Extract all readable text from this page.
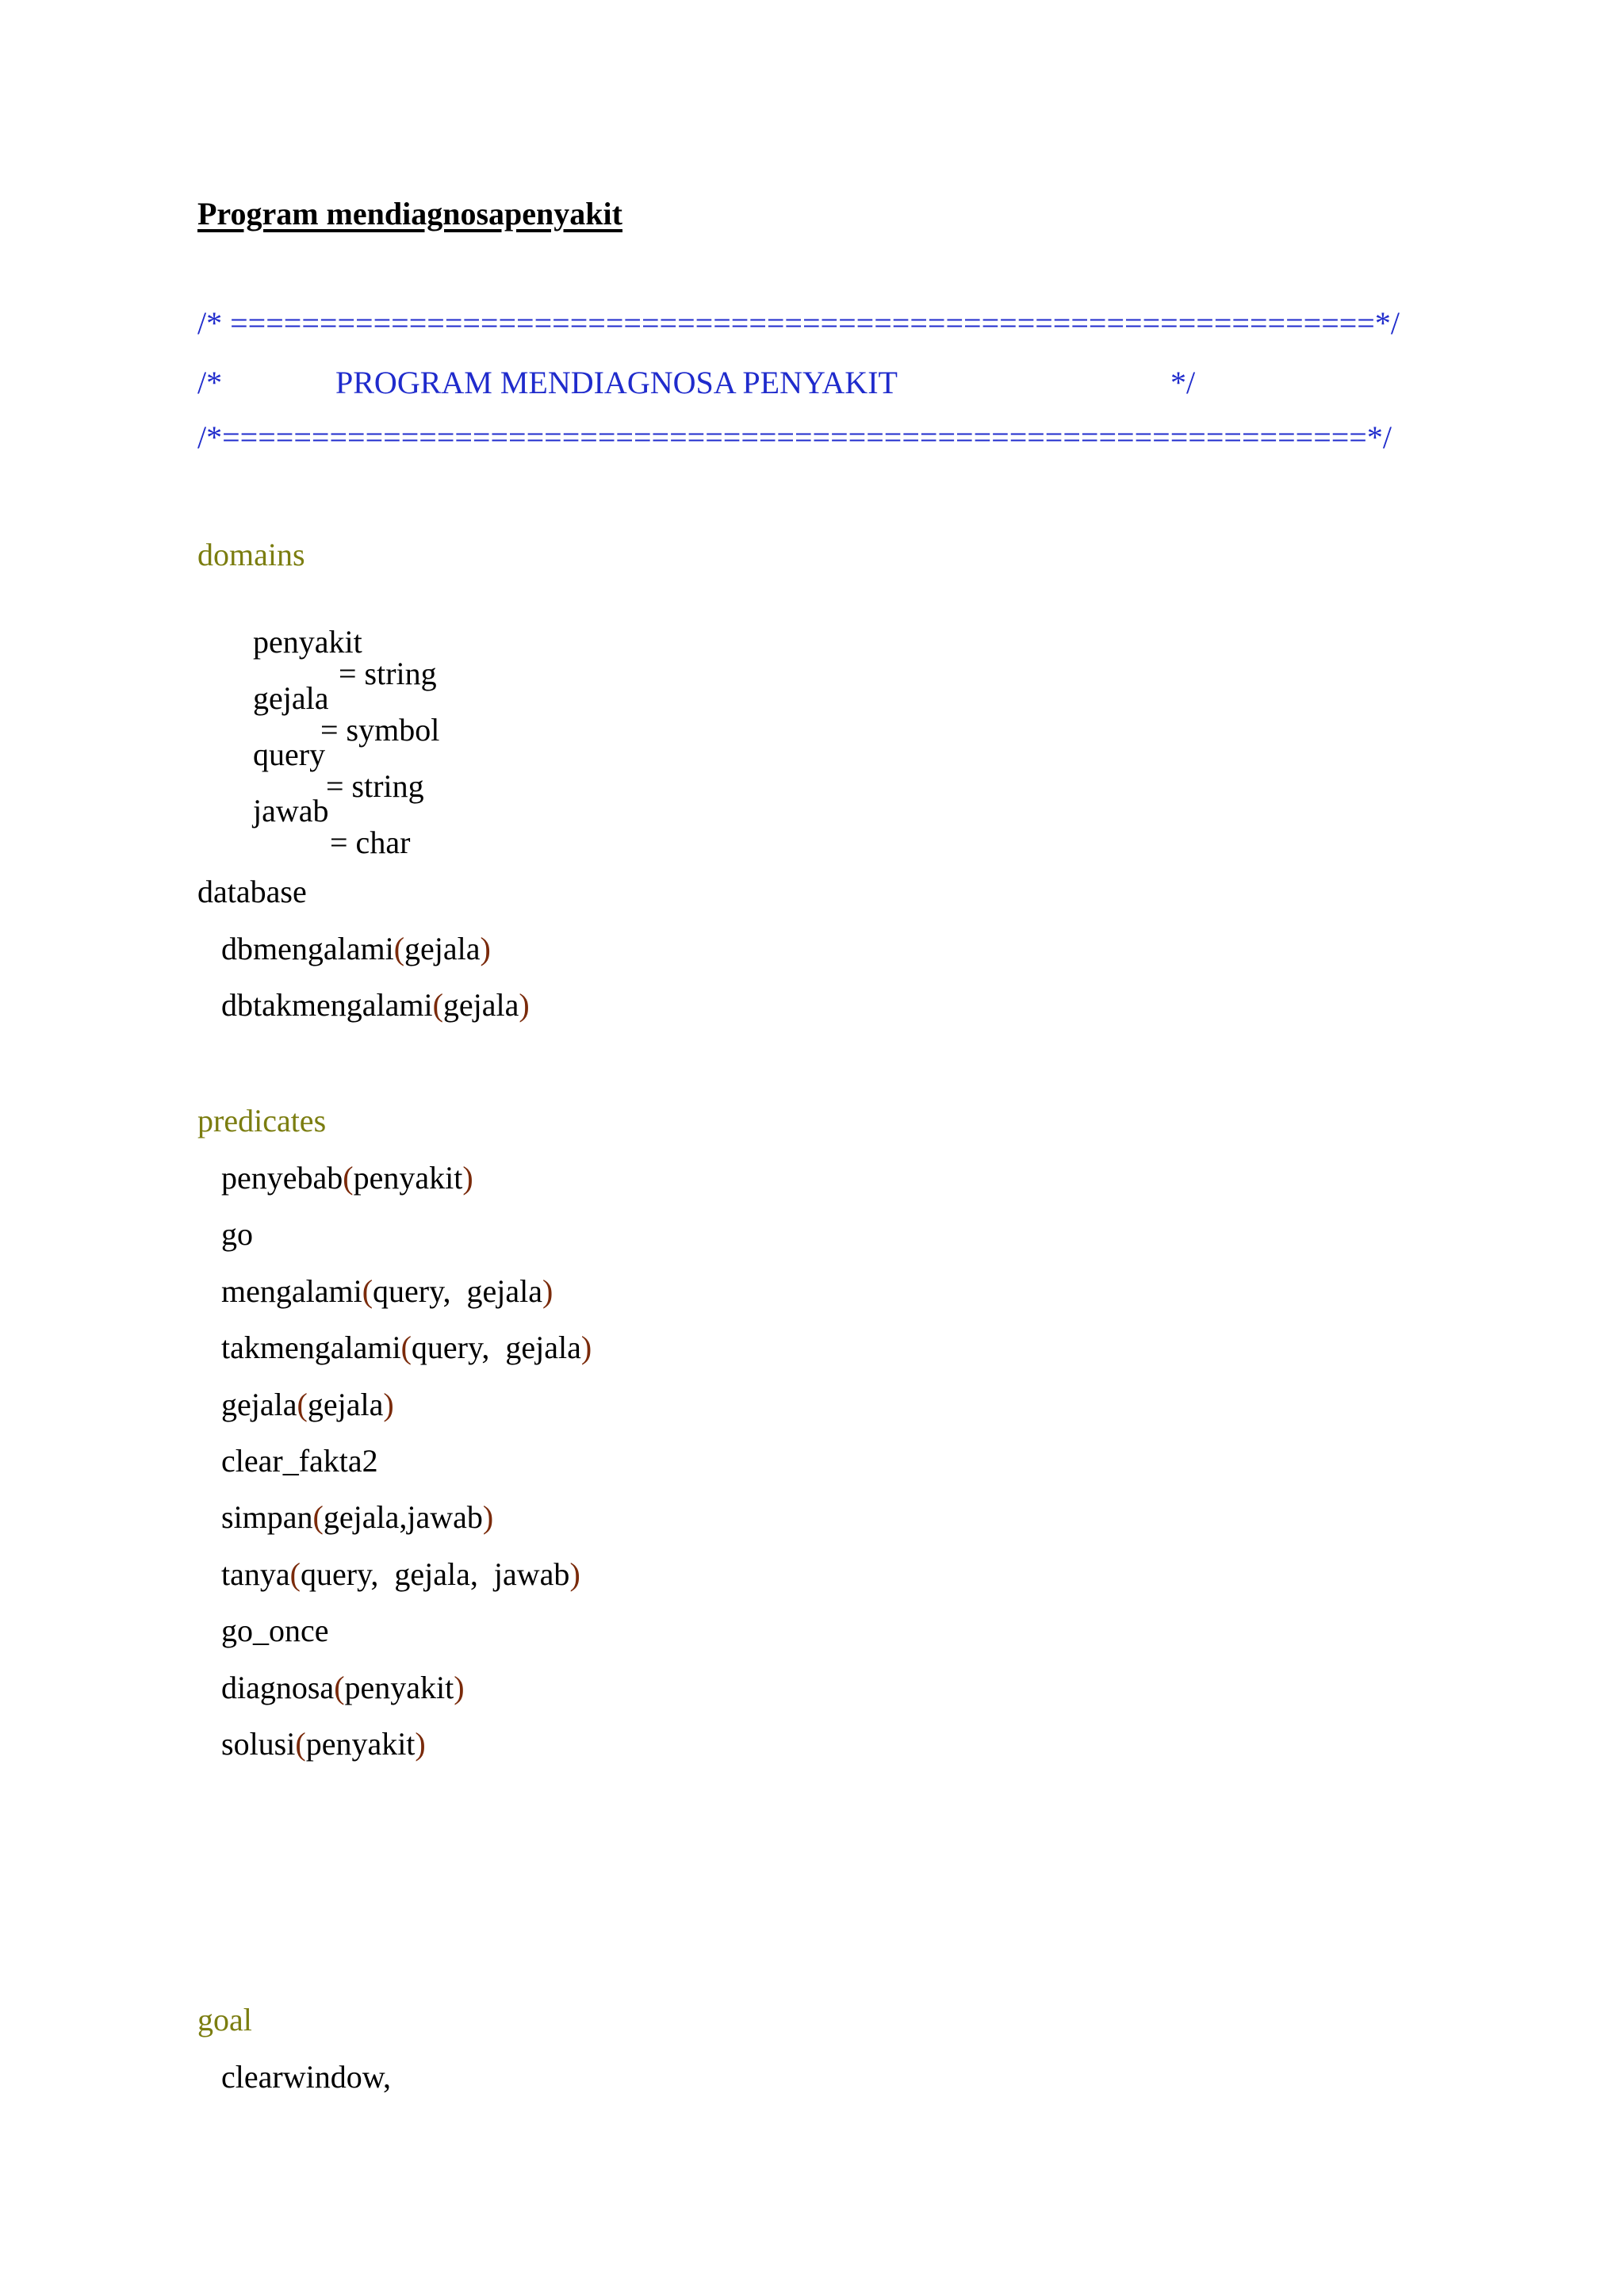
Program mendiagnosapenyakit
/* ================================================================*/
/*	PROGRAM MENDIAGNOSA PENYAKIT	*/
/*================================================================*/
domains

penyakit

= string

gejala

= symbol

query

= string

jawab

= char

database
dbmengalami(gejala)
dbtakmengalami(gejala)
predicates
penyebab(penyakit)
go
mengalami(query,  gejala)
takmengalami(query,  gejala)
gejala(gejala)
clear_fakta2
simpan(gejala,jawab)
tanya(query,  gejala,  jawab)
go_once
diagnosa(penyakit)
solusi(penyakit)
goal
clearwindow,
